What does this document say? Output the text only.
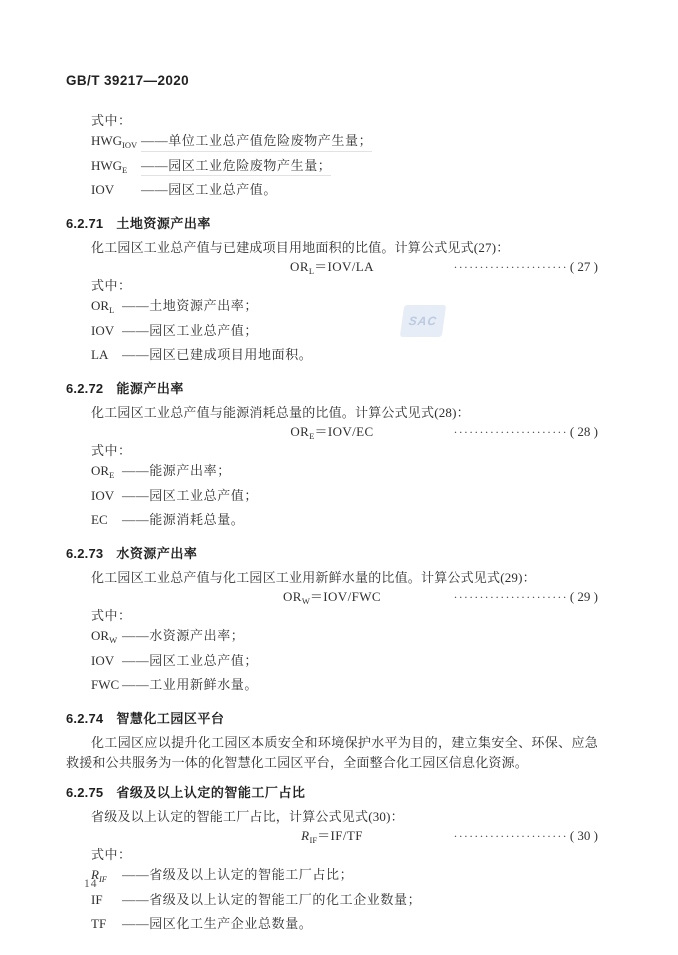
GB/T 39217—2020
式中：
$HWG_{IOV}$ ——单位工业总产值危险废物产生量；
$HWG_E$	——园区工业危险废物产生量；
IOV	——园区工业总产值。
6.2.71 土地资源产出率

化工园区工业总产值与已建成项目用地面积的比值。计算公式见式(27)：

$OR_L=IOV/LA$	······················ ( 27 )
式中：
$OR_L$ ——土地资源产出率；
IOV ——园区工业总产值；
LA	——园区已建成项目用地面积。
6.2.72 能源产出率

化工园区工业总产值与能源消耗总量的比值。计算公式见式(28)：

$OR_E=IOV/EC$	······················ ( 28 )
式中：
$OR_E$ ——能源产出率；
IOV ——园区工业总产值；
EC	——能源消耗总量。
6.2.73 水资源产出率

化工园区工业总产值与化工园区工业用新鲜水量的比值。计算公式见式(29)：

$OR_W=IOV$/FWC	······················ ( 29 )
式中：
$OR_W$ ——水资源产出率；
IOV ——园区工业总产值；
FWC ——工业用新鲜水量。
6.2.74 智慧化工园区平台

化工园区应以提升化工园区本质安全和环境保护水平为目的，建立集安全、环保、应急救援和公共服务为一体的化智慧化工园区平台，全面整合化工园区信息化资源。

6.2.75 省级及以上认定的智能工厂占比

省级及以上认定的智能工厂占比，计算公式见式(30)：

$R_{IF}=IF/TF$	······················ ( 30 )
式中：
$R_{IF}$	——省级及以上认定的智能工厂占比；
IF	——省级及以上认定的智能工厂的化工企业数量；
TF	——园区化工生产企业总数量。
SAC
14
